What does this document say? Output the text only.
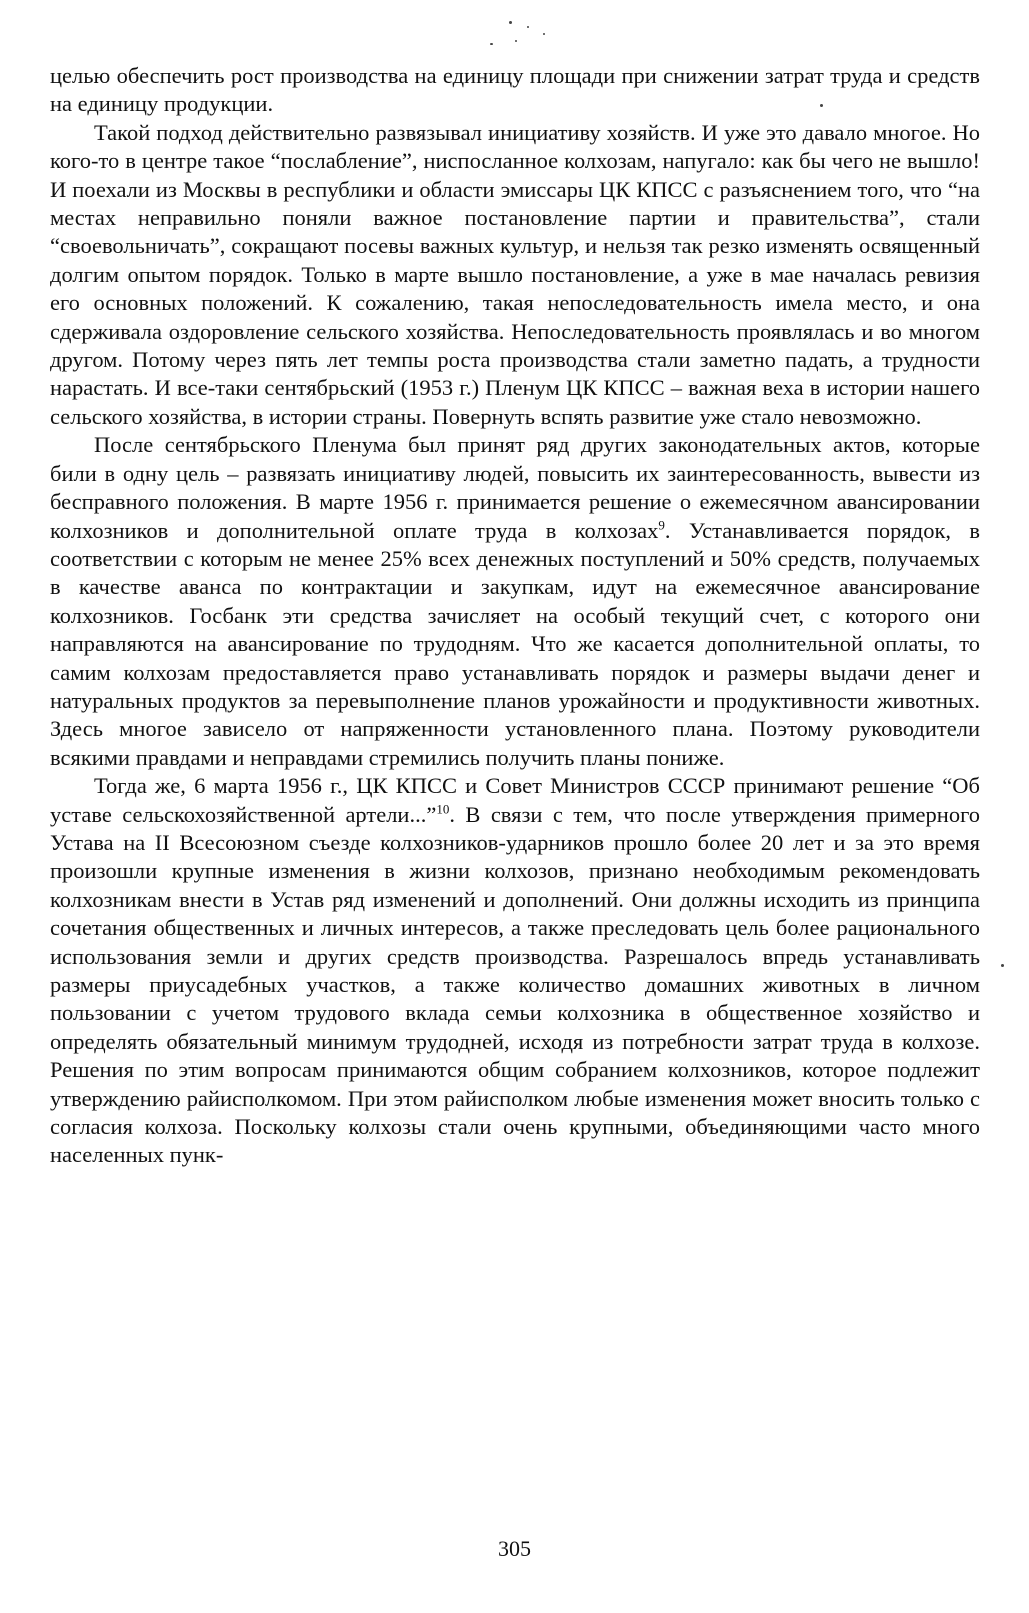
целью обеспечить рост производства на единицу площади при снижении затрат труда и средств на единицу продукции.

Такой подход действительно развязывал инициативу хозяйств. И уже это давало многое. Но кого-то в центре такое “послабление”, ниспосланное колхозам, напугало: как бы чего не вышло! И поехали из Москвы в республики и области эмиссары ЦК КПСС с разъяснением того, что “на местах неправильно поняли важное постановление партии и правительства”, стали “своевольничать”, сокращают посевы важных культур, и нельзя так резко изменять освященный долгим опытом порядок. Только в марте вышло постановление, а уже в мае началась ревизия его основных положений. К сожалению, такая непоследовательность имела место, и она сдерживала оздоровление сельского хозяйства. Непоследовательность проявлялась и во многом другом. Потому через пять лет темпы роста производства стали заметно падать, а трудности нарастать. И все-таки сентябрьский (1953 г.) Пленум ЦК КПСС – важная веха в истории нашего сельского хозяйства, в истории страны. Повернуть вспять развитие уже стало невозможно.

После сентябрьского Пленума был принят ряд других законодательных актов, которые били в одну цель – развязать инициативу людей, повысить их заинтересованность, вывести из бесправного положения. В марте 1956 г. принимается решение о ежемесячном авансировании колхозников и дополнительной оплате труда в колхозах$^9$. Устанавливается порядок, в соответствии с которым не менее 25% всех денежных поступлений и 50% средств, получаемых в качестве аванса по контрактации и закупкам, идут на ежемесячное авансирование колхозников. Госбанк эти средства зачисляет на особый текущий счет, с которого они направляются на авансирование по трудодням. Что же касается дополнительной оплаты, то самим колхозам предоставляется право устанавливать порядок и размеры выдачи денег и натуральных продуктов за перевыполнение планов урожайности и продуктивности животных. Здесь многое зависело от напряженности установленного плана. Поэтому руководители всякими правдами и неправдами стремились получить планы пониже.

Тогда же, 6 марта 1956 г., ЦК КПСС и Совет Министров СССР принимают решение “Об уставе сельскохозяйственной артели...”$^{10}$. В связи с тем, что после утверждения примерного Устава на II Всесоюзном съезде колхозников-ударников прошло более 20 лет и за это время произошли крупные изменения в жизни колхозов, признано необходимым рекомендовать колхозникам внести в Устав ряд изменений и дополнений. Они должны исходить из принципа сочетания общественных и личных интересов, а также преследовать цель более рационального использования земли и других средств производства. Разрешалось впредь устанавливать размеры приусадебных участков, а также количество домашних животных в личном пользовании с учетом трудового вклада семьи колхозника в общественное хозяйство и определять обязательный минимум трудодней, исходя из потребности затрат труда в колхозе. Решения по этим вопросам принимаются общим собранием колхозников, которое подлежит утверждению райисполкомом. При этом райисполком любые изменения может вносить только с согласия колхоза. Поскольку колхозы стали очень крупными, объединяющими часто много населенных пунк-

305
